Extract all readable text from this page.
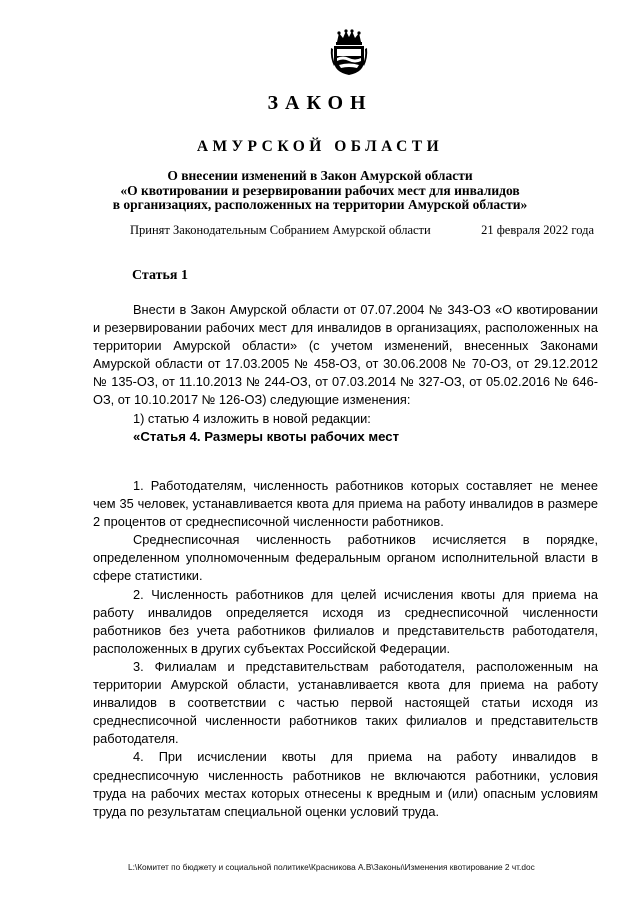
ЗАКОН
АМУРСКОЙ ОБЛАСТИ
О внесении изменений в Закон Амурской области
«О квотировании и резервировании рабочих мест для инвалидов
в организациях, расположенных на территории Амурской области»
Принят Законодательным Собранием Амурской области	21 февраля 2022 года
Статья 1

Внести в Закон Амурской области от 07.07.2004 № 343-ОЗ «О квотировании и резервировании рабочих мест для инвалидов в организациях, расположенных на территории Амурской области» (с учетом изменений, внесенных Законами Амурской области от 17.03.2005 № 458-ОЗ, от 30.06.2008 № 70-ОЗ, от 29.12.2012 № 135-ОЗ, от 11.10.2013 № 244-ОЗ, от 07.03.2014 № 327-ОЗ, от 05.02.2016 № 646-ОЗ, от 10.10.2017 № 126-ОЗ) следующие изменения:

1) статью 4 изложить в новой редакции:

«Статья 4. Размеры квоты рабочих мест

1. Работодателям, численность работников которых составляет не менее чем 35 человек, устанавливается квота для приема на работу инвалидов в размере 2 процентов от среднесписочной численности работников.

Среднесписочная численность работников исчисляется в порядке, определенном уполномоченным федеральным органом исполнительной власти в сфере статистики.

2. Численность работников для целей исчисления квоты для приема на работу инвалидов определяется исходя из среднесписочной численности работников без учета работников филиалов и представительств работодателя, расположенных в других субъектах Российской Федерации.

3. Филиалам и представительствам работодателя, расположенным на территории Амурской области, устанавливается квота для приема на работу инвалидов в соответствии с частью первой настоящей статьи исходя из среднесписочной численности работников таких филиалов и представительств работодателя.

4. При исчислении квоты для приема на работу инвалидов в среднесписочную численность работников не включаются работники, условия труда на рабочих местах которых отнесены к вредным и (или) опасным условиям труда по результатам специальной оценки условий труда.

L:\Комитет по бюджету и социальной политике\Красникова А.В\Законы\Изменения квотирование 2 чт.doc
